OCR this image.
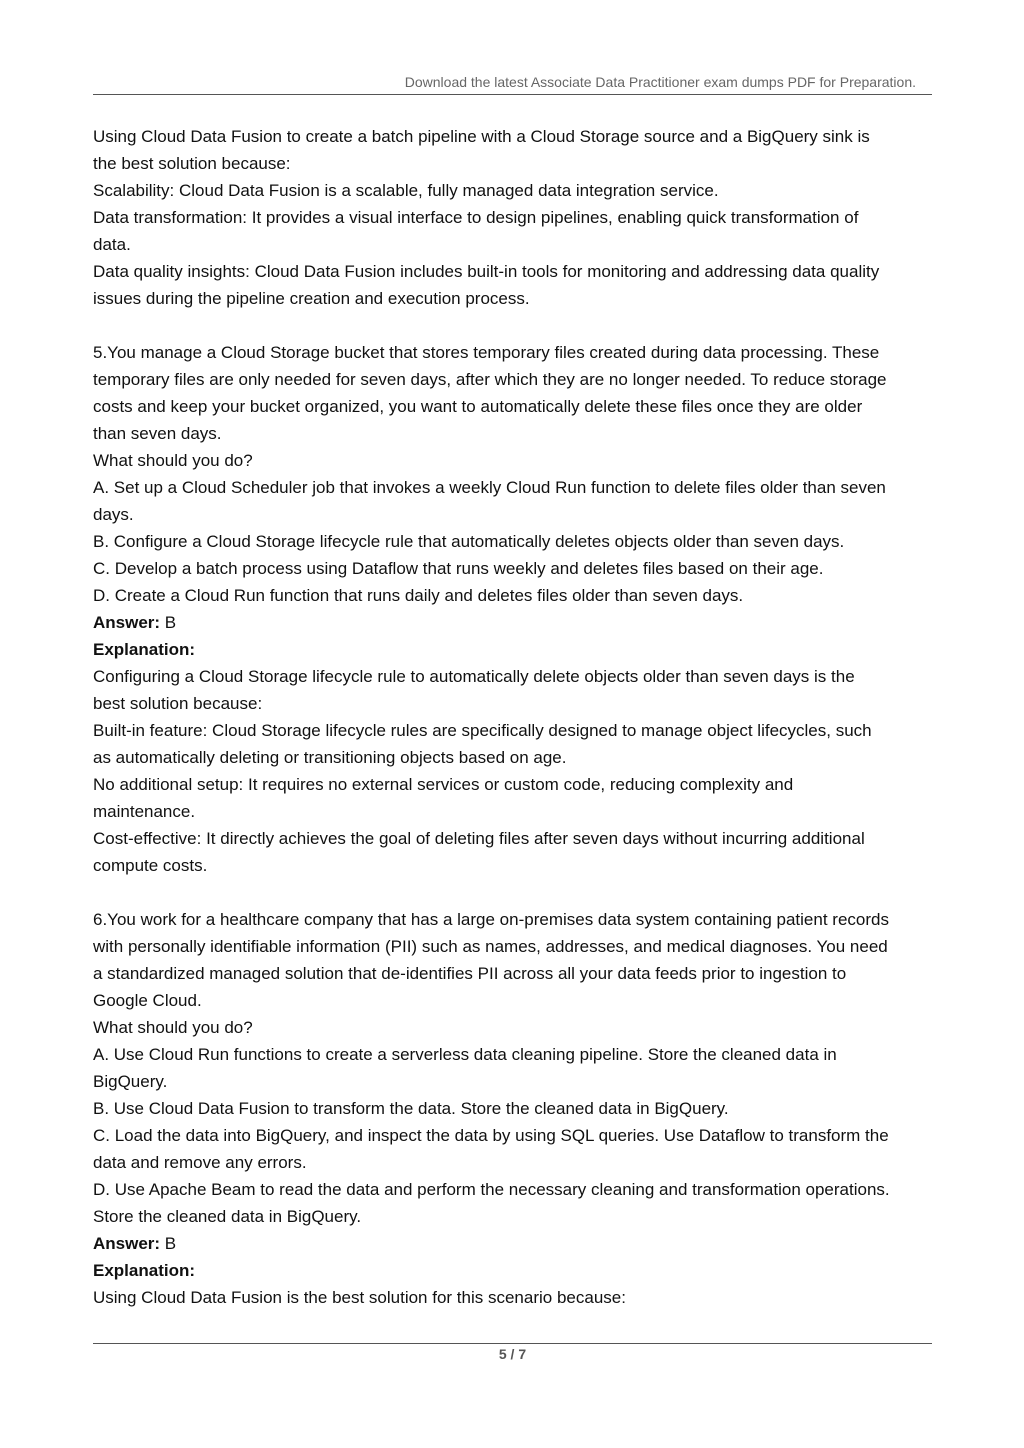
Download the latest Associate Data Practitioner exam dumps PDF for Preparation.
Using Cloud Data Fusion to create a batch pipeline with a Cloud Storage source and a BigQuery sink is
the best solution because:
Scalability: Cloud Data Fusion is a scalable, fully managed data integration service.
Data transformation: It provides a visual interface to design pipelines, enabling quick transformation of
data.
Data quality insights: Cloud Data Fusion includes built-in tools for monitoring and addressing data quality
issues during the pipeline creation and execution process.
5.You manage a Cloud Storage bucket that stores temporary files created during data processing. These
temporary files are only needed for seven days, after which they are no longer needed. To reduce storage
costs and keep your bucket organized, you want to automatically delete these files once they are older
than seven days.
What should you do?
A. Set up a Cloud Scheduler job that invokes a weekly Cloud Run function to delete files older than seven
days.
B. Configure a Cloud Storage lifecycle rule that automatically deletes objects older than seven days.
C. Develop a batch process using Dataflow that runs weekly and deletes files based on their age.
D. Create a Cloud Run function that runs daily and deletes files older than seven days.
Answer: B
Explanation:
Configuring a Cloud Storage lifecycle rule to automatically delete objects older than seven days is the
best solution because:
Built-in feature: Cloud Storage lifecycle rules are specifically designed to manage object lifecycles, such
as automatically deleting or transitioning objects based on age.
No additional setup: It requires no external services or custom code, reducing complexity and
maintenance.
Cost-effective: It directly achieves the goal of deleting files after seven days without incurring additional
compute costs.
6.You work for a healthcare company that has a large on-premises data system containing patient records
with personally identifiable information (PII) such as names, addresses, and medical diagnoses. You need
a standardized managed solution that de-identifies PII across all your data feeds prior to ingestion to
Google Cloud.
What should you do?
A. Use Cloud Run functions to create a serverless data cleaning pipeline. Store the cleaned data in
BigQuery.
B. Use Cloud Data Fusion to transform the data. Store the cleaned data in BigQuery.
C. Load the data into BigQuery, and inspect the data by using SQL queries. Use Dataflow to transform the
data and remove any errors.
D. Use Apache Beam to read the data and perform the necessary cleaning and transformation operations.
Store the cleaned data in BigQuery.
Answer: B
Explanation:
Using Cloud Data Fusion is the best solution for this scenario because:
5 / 7
